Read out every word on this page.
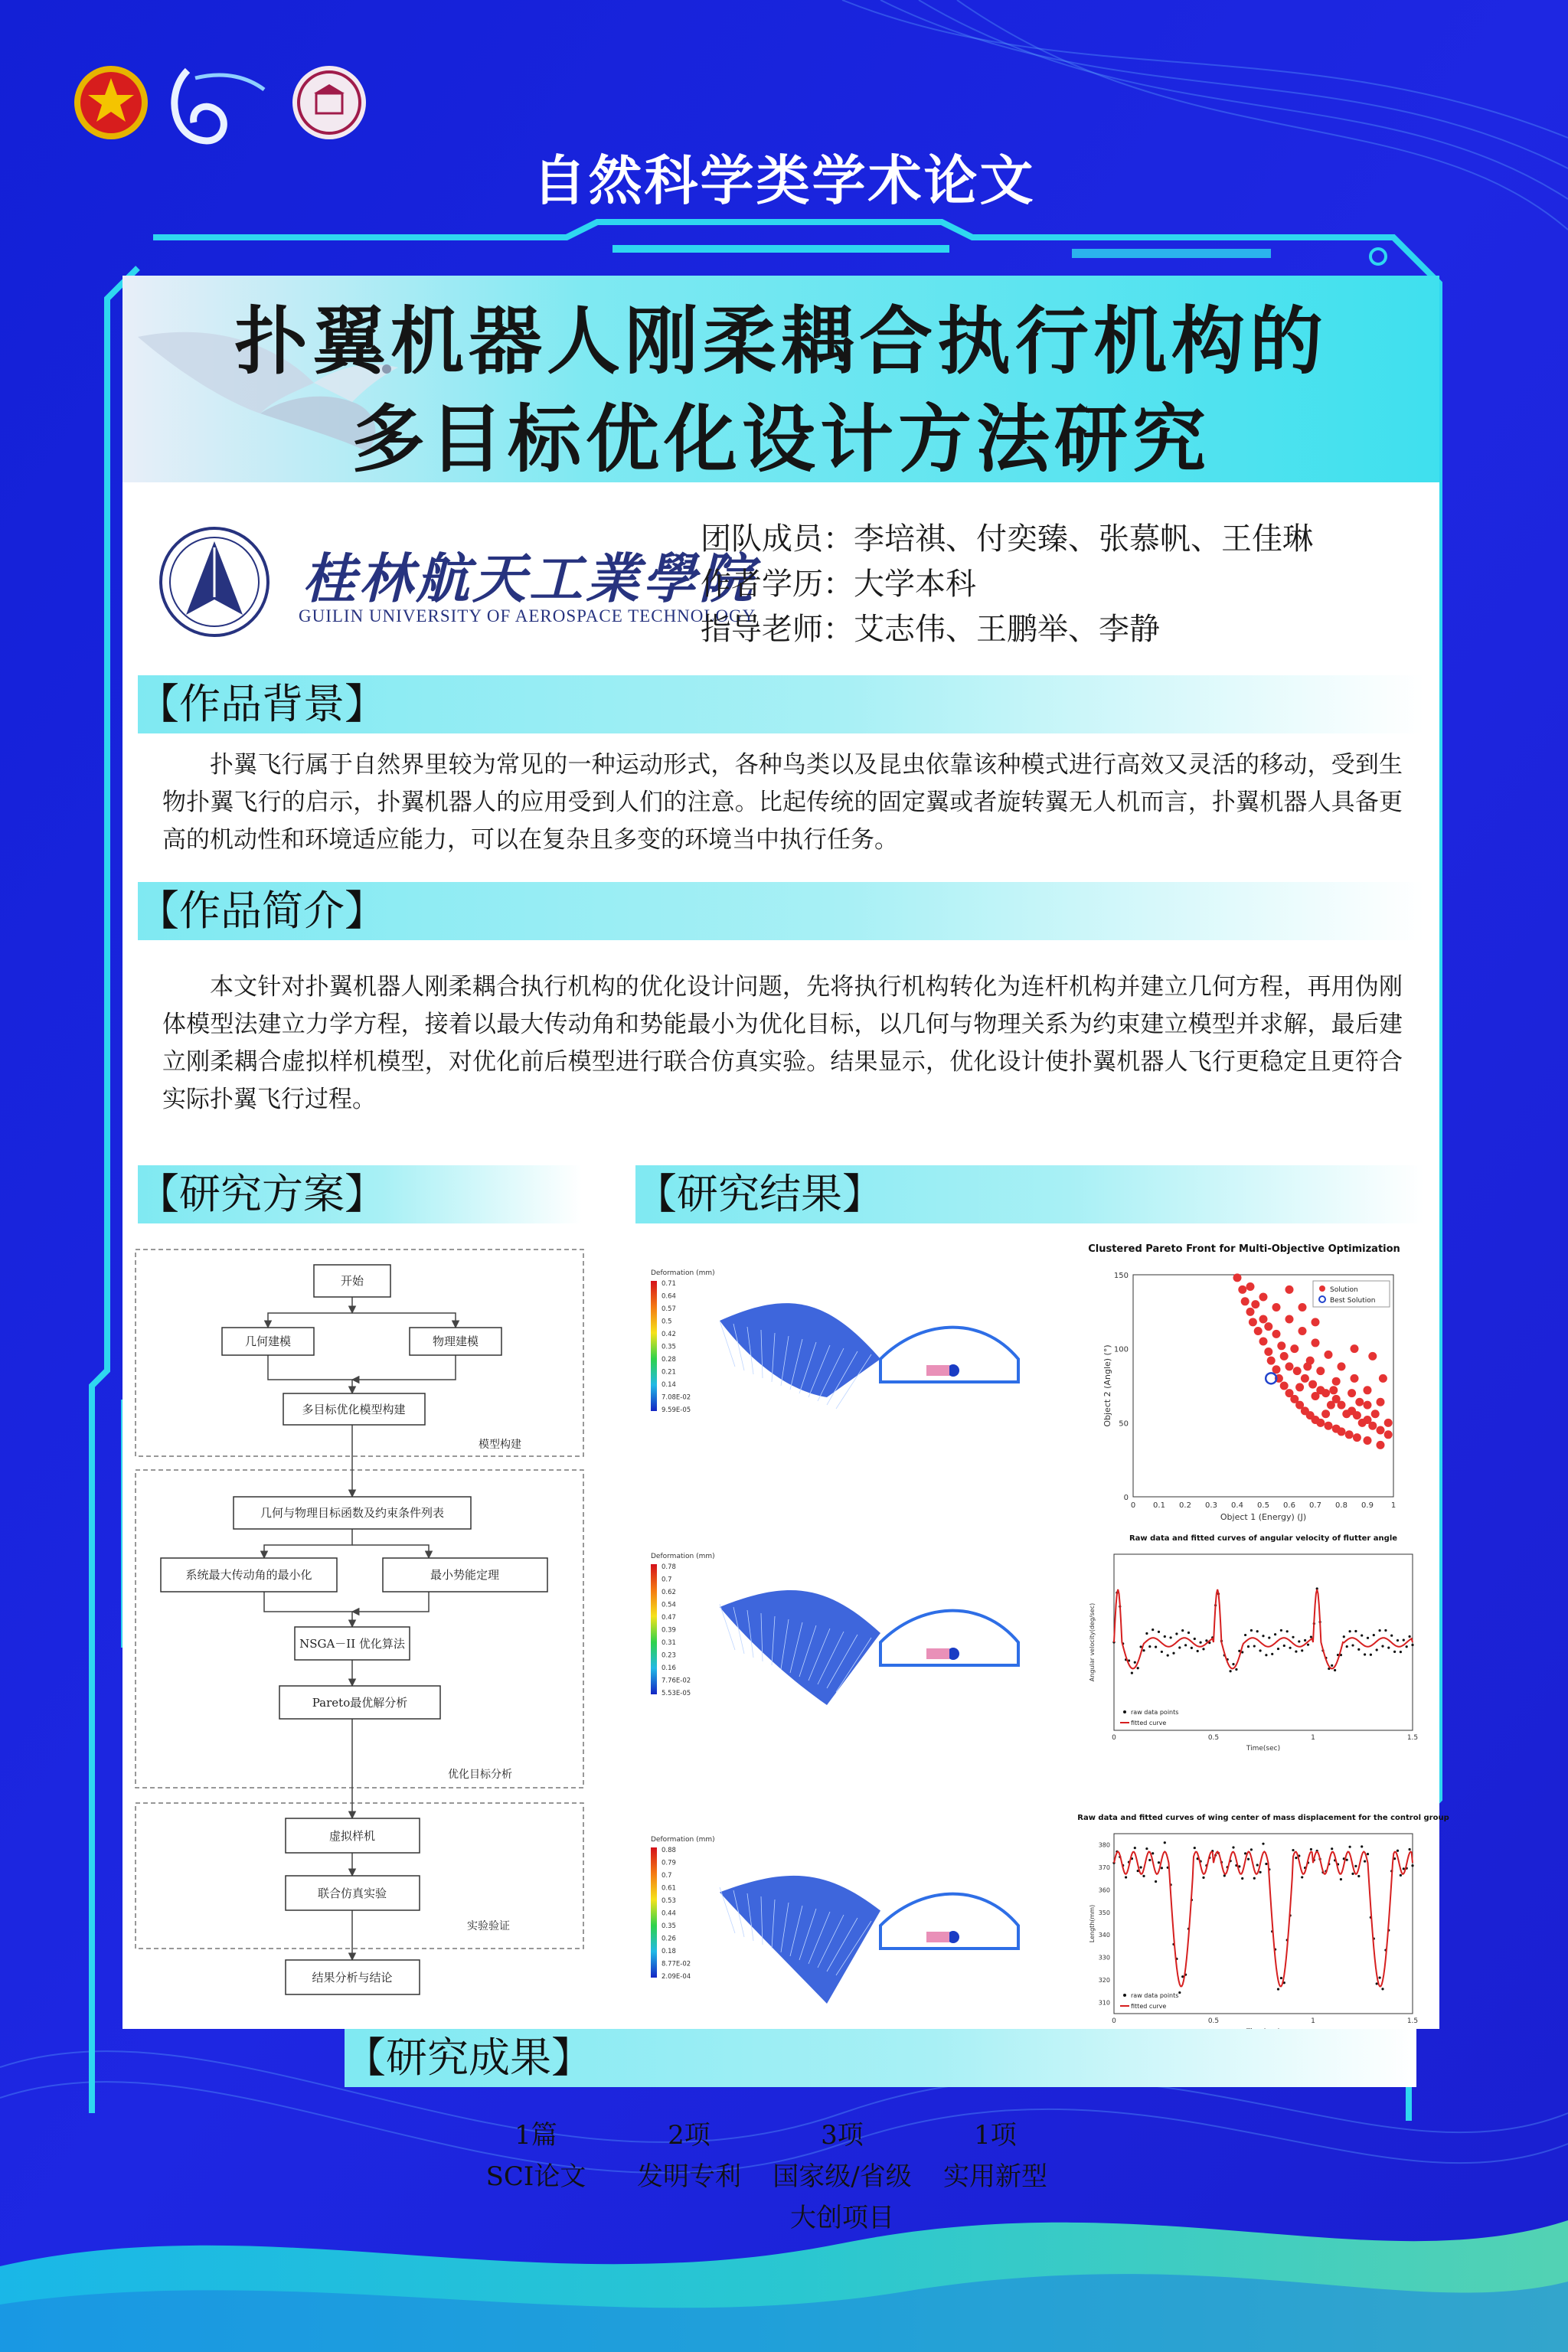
自然科学类学术论文
扑翼机器人刚柔耦合执行机构的
多目标优化设计方法研究
桂林航天工業學院
GUILIN UNIVERSITY OF AEROSPACE TECHNOLOGY
团队成员：李培祺、付奕臻、张慕帆、王佳琳
作者学历：大学本科
指导老师：艾志伟、王鹏举、李静
【作品背景】
扑翼飞行属于自然界里较为常见的一种运动形式，各种鸟类以及昆虫依靠该种模式进行高效又灵活的移动，受到生物扑翼飞行的启示，扑翼机器人的应用受到人们的注意。比起传统的固定翼或者旋转翼无人机而言，扑翼机器人具备更高的机动性和环境适应能力，可以在复杂且多变的环境当中执行任务。
【作品简介】
本文针对扑翼机器人刚柔耦合执行机构的优化设计问题，先将执行机构转化为连杆机构并建立几何方程，再用伪刚体模型法建立力学方程，接着以最大传动角和势能最小为优化目标，以几何与物理关系为约束建立模型并求解，最后建立刚柔耦合虚拟样机模型，对优化前后模型进行联合仿真实验。结果显示，优化设计使扑翼机器人飞行更稳定且更符合实际扑翼飞行过程。
【研究方案】	【研究结果】
开始
几何建模	物理建模
多目标优化模型构建
几何与物理目标函数及约束条件列表
系统最大传动角的最小化	最小势能定理
NSGA－II 优化算法
Pareto最优解分析
虚拟样机
联合仿真实验
结果分析与结论
模型构建
优化目标分析
实验验证
Deformation (mm)
0.71
0.64
0.57
0.5
0.42
0.35
0.28
0.21
0.14
7.08E-02
9.59E-05
Deformation (mm)
0.78
0.7
0.62
0.54
0.47
0.39
0.31
0.23
0.16
7.76E-02
5.53E-05
Deformation (mm)
0.88
0.79
0.7
0.61
0.53
0.44
0.35
0.26
0.18
8.77E-02
2.09E-04
Clustered Pareto Front for Multi-Objective Optimization
0 0.1 0.2 0.3 0.4 0.5 0.6 0.7 0.8 0.9 1
0
50
100
150
Object 1 (Energy) (J)
Object 2 (Angle) (°)
Solution
Best Solution
Raw data and fitted curves of angular velocity of flutter angle
0	0.5	1	1.5
Time(sec)
Angular velocity(deg/sec)
raw data points
fitted curve
Raw data and fitted curves of wing center of mass displacement for the control group
0	0.5	1	1.5
310
320
330
340
350
360
370
380
Length(mm)
raw data points
fitted curve
【研究成果】
1篇
SCI论文
2项
发明专利
3项
国家级/省级
大创项目
1项
实用新型
